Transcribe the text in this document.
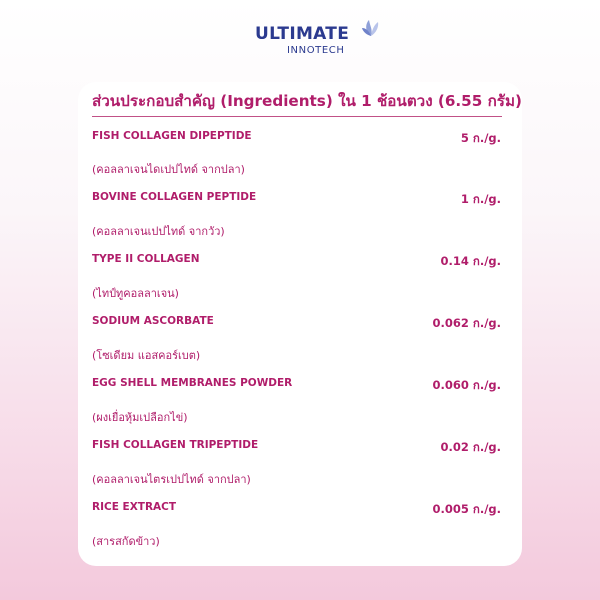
ULTIMATE
INNOTECH
ส่วนประกอบสำคัญ (Ingredients) ใน 1 ช้อนตวง (6.55 กรัม)
FISH COLLAGEN DIPEPTIDE	5 ก./g.
(คอลลาเจนไดเปปไทด์ จากปลา)
BOVINE COLLAGEN PEPTIDE	1 ก./g.
(คอลลาเจนเปปไทด์ จากวัว)
TYPE II COLLAGEN	0.14 ก./g.
(ไทป์ทูคอลลาเจน)
SODIUM ASCORBATE	0.062 ก./g.
(โซเดียม แอสคอร์เบต)
EGG SHELL MEMBRANES POWDER	0.060 ก./g.
(ผงเยื่อหุ้มเปลือกไข่)
FISH COLLAGEN TRIPEPTIDE	0.02 ก./g.
(คอลลาเจนไตรเปปไทด์ จากปลา)
RICE EXTRACT	0.005 ก./g.
(สารสกัดข้าว)
